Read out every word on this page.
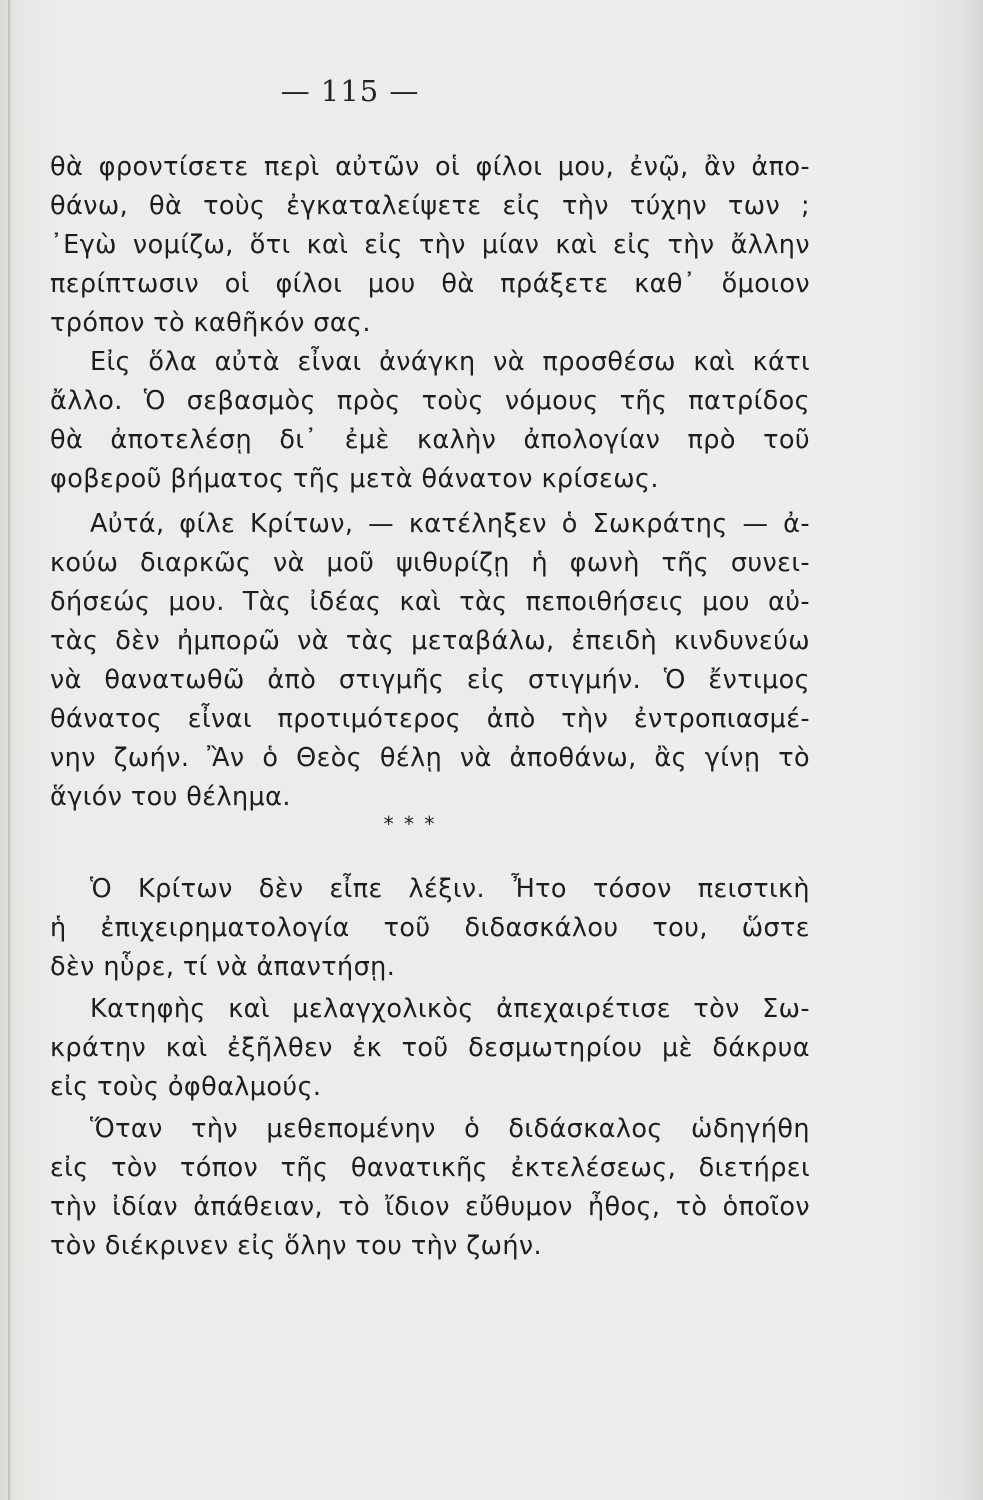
— 115 —
θὰ φροντίσετε περὶ αὐτῶν οἱ φίλοι μου, ἐνῷ, ἂν ἀπο-
θάνω, θὰ τοὺς ἐγκαταλείψετε εἰς τὴν τύχην των ;
᾿Εγὼ νομίζω, ὅτι καὶ εἰς τὴν μίαν καὶ εἰς τὴν ἄλλην
περίπτωσιν οἱ φίλοι μου θὰ πράξετε καθ᾿ ὅμοιον
τρόπον τὸ καθῆκόν σας.
Εἰς ὅλα αὐτὰ εἶναι ἀνάγκη νὰ προσθέσω καὶ κάτι
ἄλλο. Ὁ σεβασμὸς πρὸς τοὺς νόμους τῆς πατρίδος
θὰ ἀποτελέσῃ δι᾿ ἐμὲ καλὴν ἀπολογίαν πρὸ τοῦ
φοβεροῦ βήματος τῆς μετὰ θάνατον κρίσεως.
Αὐτά, φίλε Κρίτων, — κατέληξεν ὁ Σωκράτης — ἀ-
κούω διαρκῶς νὰ μοῦ ψιθυρίζῃ ἡ φωνὴ τῆς συνει-
δήσεώς μου. Τὰς ἰδέας καὶ τὰς πεποιθήσεις μου αὐ-
τὰς δὲν ἠμπορῶ νὰ τὰς μεταβάλω, ἐπειδὴ κινδυνεύω
νὰ θανατωθῶ ἀπὸ στιγμῆς εἰς στιγμήν. Ὁ ἔντιμος
θάνατος εἶναι προτιμότερος ἀπὸ τὴν ἐντροπιασμέ-
νην ζωήν. Ἂν ὁ Θεὸς θέλῃ νὰ ἀποθάνω, ἂς γίνῃ τὸ
ἅγιόν του θέλημα.
* * *
Ὁ Κρίτων δὲν εἶπε λέξιν. Ἦτο τόσον πειστικὴ
ἡ ἐπιχειρηματολογία τοῦ διδασκάλου του, ὥστε
δὲν ηὗρε, τί νὰ ἀπαντήσῃ.
Κατηφὴς καὶ μελαγχολικὸς ἀπεχαιρέτισε τὸν Σω-
κράτην καὶ ἐξῆλθεν ἐκ τοῦ δεσμωτηρίου μὲ δάκρυα
εἰς τοὺς ὀφθαλμούς.
Ὅταν τὴν μεθεπομένην ὁ διδάσκαλος ὡδηγήθη
εἰς τὸν τόπον τῆς θανατικῆς ἐκτελέσεως, διετήρει
τὴν ἰδίαν ἀπάθειαν, τὸ ἴδιον εὔθυμον ἦθος, τὸ ὁποῖον
τὸν διέκρινεν εἰς ὅλην του τὴν ζωήν.
